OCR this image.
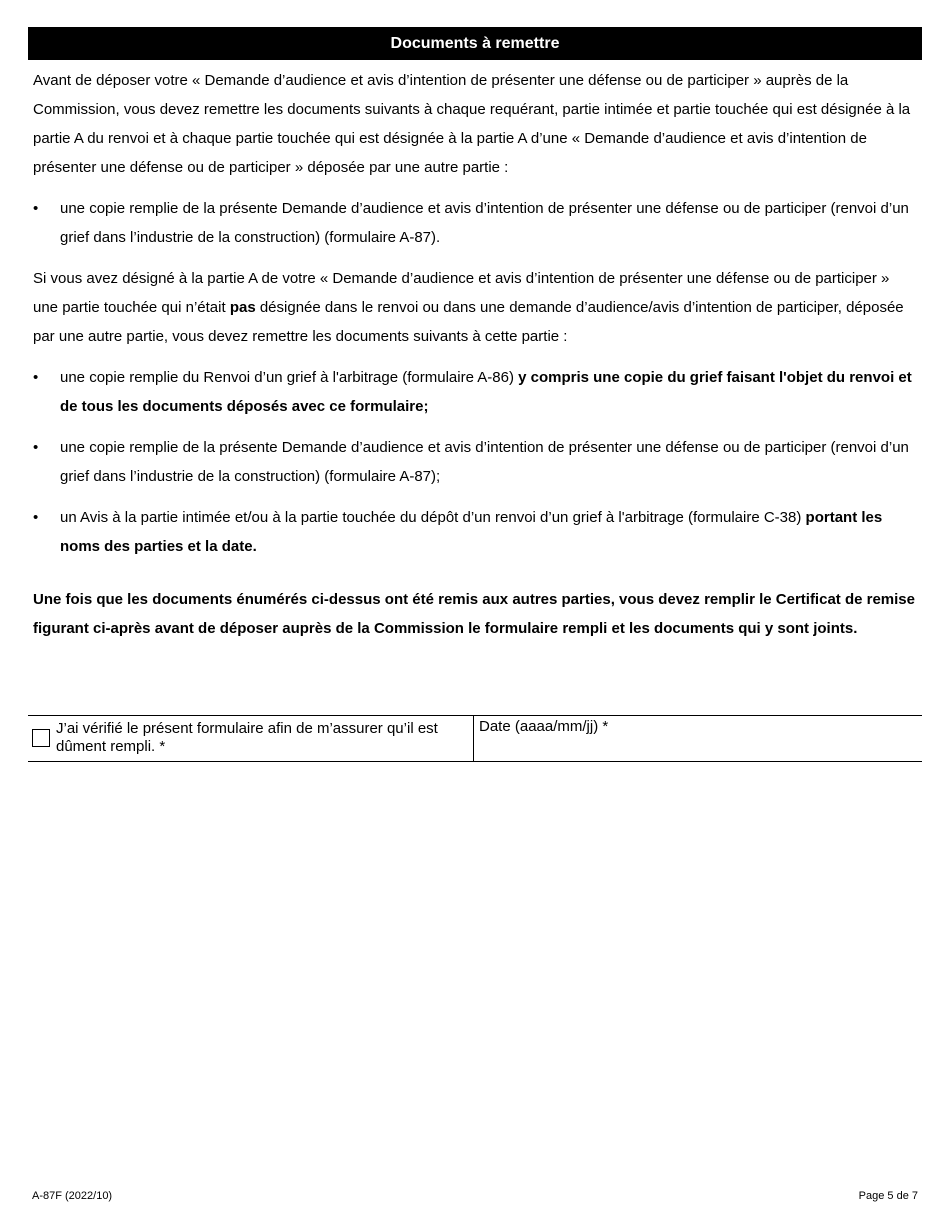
Documents à remettre

Avant de déposer votre « Demande d’audience et avis d’intention de présenter une défense ou de participer » auprès de la Commission, vous devez remettre les documents suivants à chaque requérant, partie intimée et partie touchée qui est désignée à la partie A du renvoi et à chaque partie touchée qui est désignée à la partie A d’une « Demande d’audience et avis d’intention de présenter une défense ou de participer » déposée par une autre partie :

• une copie remplie de la présente Demande d’audience et avis d’intention de présenter une défense ou de participer (renvoi d’un grief dans l’industrie de la construction) (formulaire A-87).

Si vous avez désigné à la partie A de votre « Demande d’audience et avis d’intention de présenter une défense ou de participer » une partie touchée qui n’était pas désignée dans le renvoi ou dans une demande d’audience/avis d’intention de participer, déposée par une autre partie, vous devez remettre les documents suivants à cette partie :

• une copie remplie du Renvoi d’un grief à l'arbitrage (formulaire A-86) y compris une copie du grief faisant l'objet du renvoi et de tous les documents déposés avec ce formulaire;
• une copie remplie de la présente Demande d’audience et avis d’intention de présenter une défense ou de participer (renvoi d’un grief dans l’industrie de la construction) (formulaire A-87);
• un Avis à la partie intimée et/ou à la partie touchée du dépôt d’un renvoi d’un grief à l'arbitrage (formulaire C-38) portant les noms des parties et la date.

Une fois que les documents énumérés ci-dessus ont été remis aux autres parties, vous devez remplir le Certificat de remise figurant ci-après avant de déposer auprès de la Commission le formulaire rempli et les documents qui y sont joints.

J’ai vérifié le présent formulaire afin de m’assurer qu’il est dûment rempli. *
Date (aaaa/mm/jj) *
A-87F (2022/10)	Page 5 de 7
